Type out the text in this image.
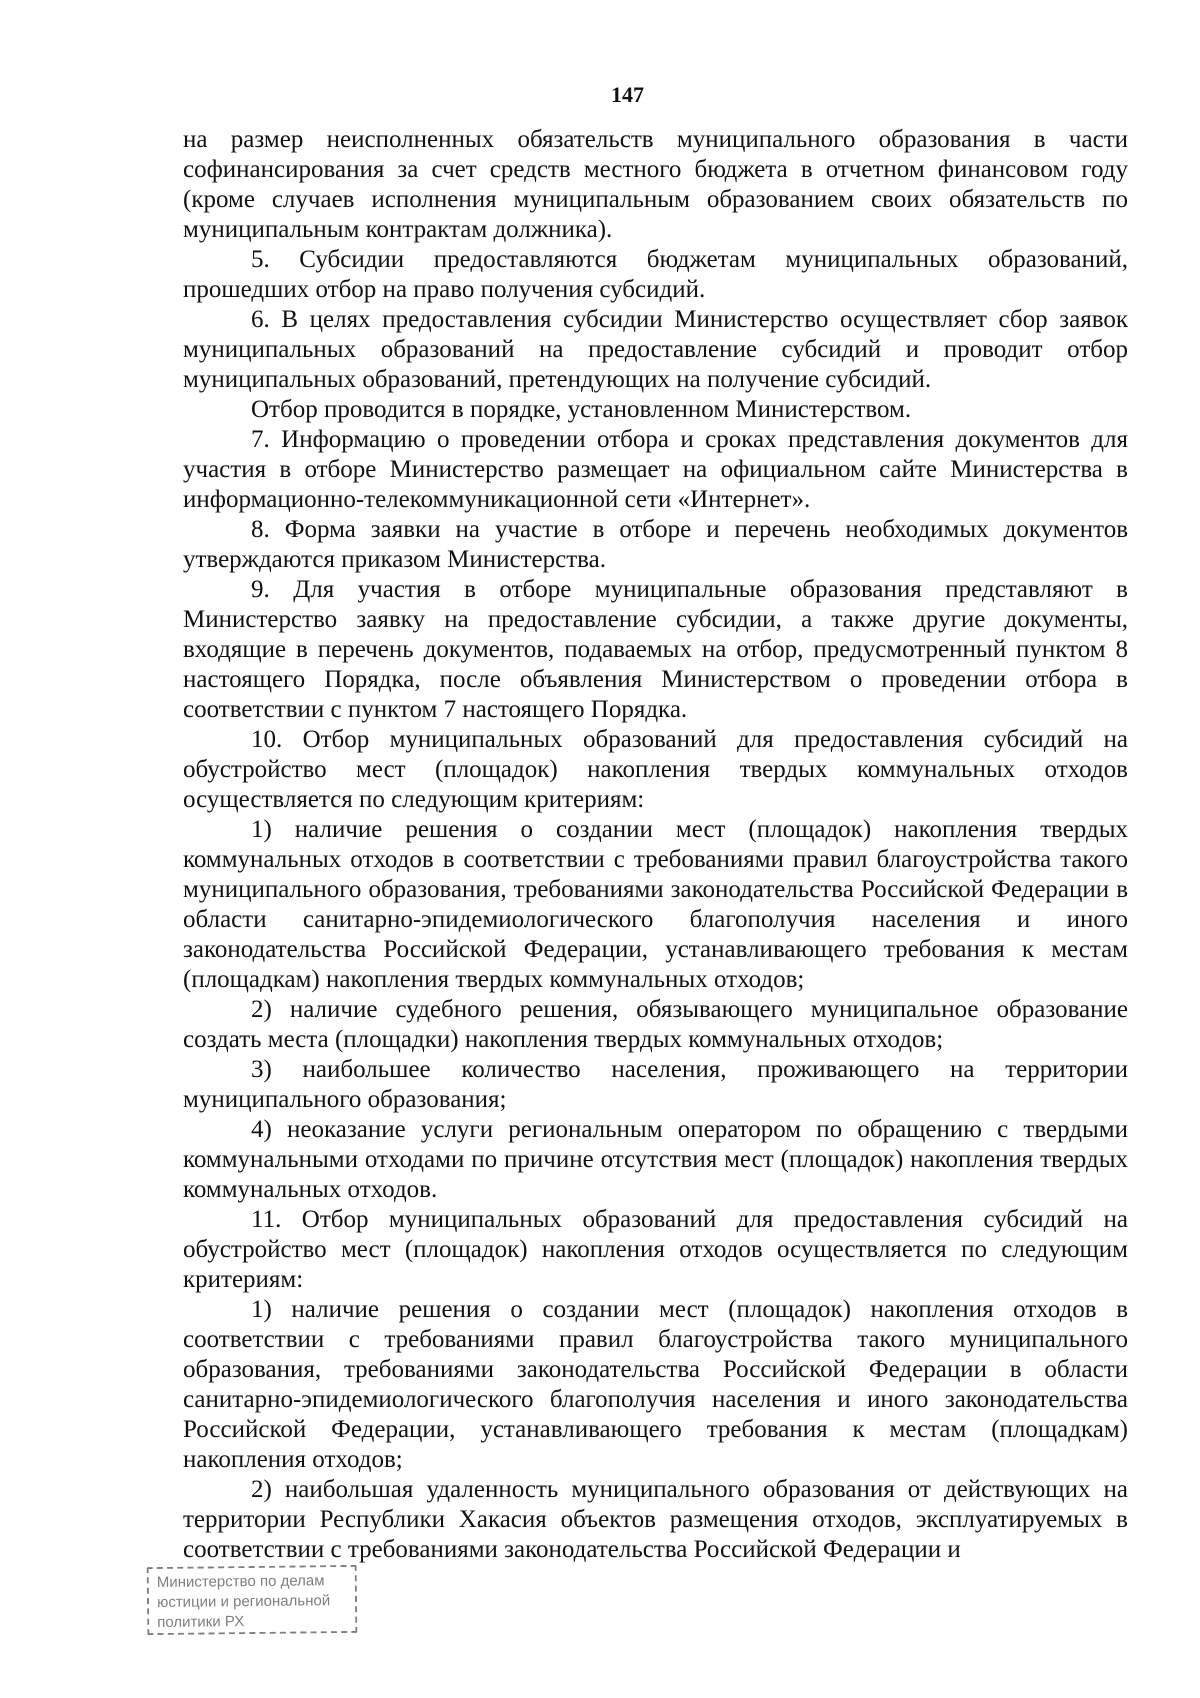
147

на размер неисполненных обязательств муниципального образования в части софинансирования за счет средств местного бюджета в отчетном финансовом году (кроме случаев исполнения муниципальным образованием своих обязательств по муниципальным контрактам должника).

5. Субсидии предоставляются бюджетам муниципальных образований, прошедших отбор на право получения субсидий.

6. В целях предоставления субсидии Министерство осуществляет сбор заявок муниципальных образований на предоставление субсидий и проводит отбор муниципальных образований, претендующих на получение субсидий.

Отбор проводится в порядке, установленном Министерством.

7. Информацию о проведении отбора и сроках представления документов для участия в отборе Министерство размещает на официальном сайте Министерства в информационно-телекоммуникационной сети «Интернет».

8. Форма заявки на участие в отборе и перечень необходимых документов утверждаются приказом Министерства.

9. Для участия в отборе муниципальные образования представляют в Министерство заявку на предоставление субсидии, а также другие документы, входящие в перечень документов, подаваемых на отбор, предусмотренный пунктом 8 настоящего Порядка, после объявления Министерством о проведении отбора в соответствии с пунктом 7 настоящего Порядка.

10. Отбор муниципальных образований для предоставления субсидий на обустройство мест (площадок) накопления твердых коммунальных отходов осуществляется по следующим критериям:

1) наличие решения о создании мест (площадок) накопления твердых коммунальных отходов в соответствии с требованиями правил благоустройства такого муниципального образования, требованиями законодательства Российской Федерации в области санитарно-эпидемиологического благополучия населения и иного законодательства Российской Федерации, устанавливающего требования к местам (площадкам) накопления твердых коммунальных отходов;

2) наличие судебного решения, обязывающего муниципальное образование создать места (площадки) накопления твердых коммунальных отходов;

3) наибольшее количество населения, проживающего на территории муниципального образования;

4) неоказание услуги региональным оператором по обращению с твердыми коммунальными отходами по причине отсутствия мест (площадок) накопления твердых коммунальных отходов.

11. Отбор муниципальных образований для предоставления субсидий на обустройство мест (площадок) накопления отходов осуществляется по следующим критериям:

1) наличие решения о создании мест (площадок) накопления отходов в соответствии с требованиями правил благоустройства такого муниципального образования, требованиями законодательства Российской Федерации в области санитарно-эпидемиологического благополучия населения и иного законодательства Российской Федерации, устанавливающего требования к местам (площадкам) накопления отходов;

2) наибольшая удаленность муниципального образования от действующих на территории Республики Хакасия объектов размещения отходов, эксплуатируемых в соответствии с требованиями законодательства Российской Федерации и

Министерство по делам
юстиции и региональной
политики РХ
